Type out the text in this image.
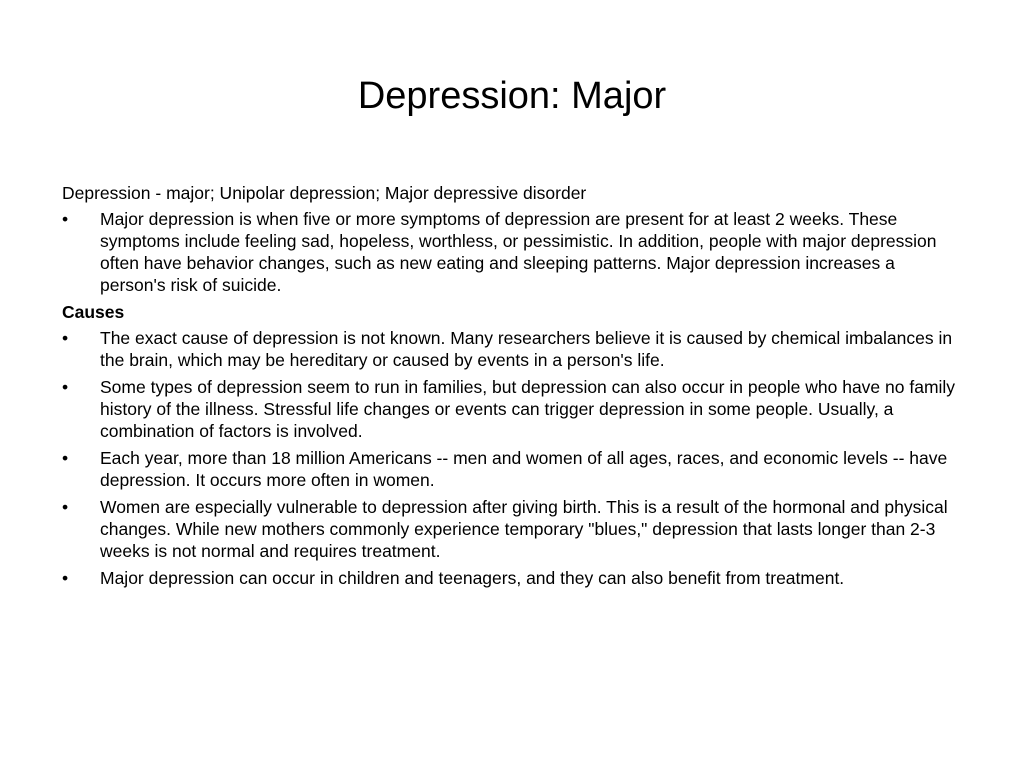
Depression: Major

Depression - major; Unipolar depression; Major depressive disorder

•	Major depression is when five or more symptoms of depression are present for at least 2 weeks. These symptoms include feeling sad, hopeless, worthless, or pessimistic. In addition, people with major depression often have behavior changes, such as new eating and sleeping patterns. Major depression increases a person's risk of suicide.

Causes

•	The exact cause of depression is not known. Many researchers believe it is caused by chemical imbalances in the brain, which may be hereditary or caused by events in a person's life.
•	Some types of depression seem to run in families, but depression can also occur in people who have no family history of the illness. Stressful life changes or events can trigger depression in some people. Usually, a combination of factors is involved.
•	Each year, more than 18 million Americans -- men and women of all ages, races, and economic levels -- have depression. It occurs more often in women.
•	Women are especially vulnerable to depression after giving birth. This is a result of the hormonal and physical changes. While new mothers commonly experience temporary "blues," depression that lasts longer than 2-3 weeks is not normal and requires treatment.
•	Major depression can occur in children and teenagers, and they can also benefit from treatment.
